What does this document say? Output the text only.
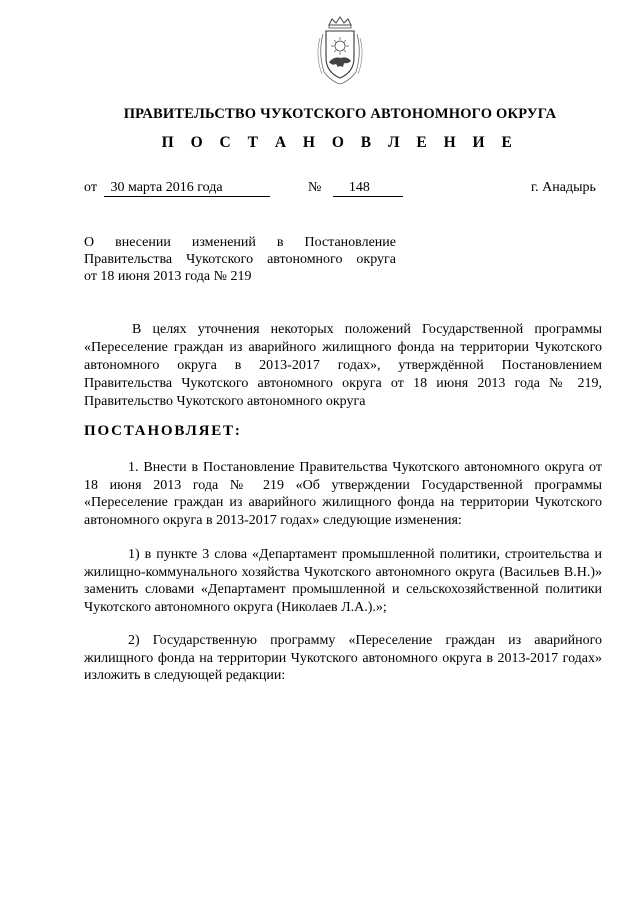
ПРАВИТЕЛЬСТВО ЧУКОТСКОГО АВТОНОМНОГО ОКРУГА
П О С Т А Н О В Л Е Н И Е
от 30 марта 2016 года	№ 148	г. Анадырь
О внесении изменений в Постановление
Правительства Чукотского автономного округа
от 18 июня 2013 года № 219
В целях уточнения некоторых положений Государственной программы «Переселение граждан из аварийного жилищного фонда на территории Чукотского автономного округа в 2013-2017 годах», утверждённой Постановлением Правительства Чукотского автономного округа от 18 июня 2013 года № 219, Правительство Чукотского автономного округа
ПОСТАНОВЛЯЕТ:
1. Внести в Постановление Правительства Чукотского автономного округа от 18 июня 2013 года № 219 «Об утверждении Государственной программы «Переселение граждан из аварийного жилищного фонда на территории Чукотского автономного округа в 2013-2017 годах» следующие изменения:
1) в пункте 3 слова «Департамент промышленной политики, строительства и жилищно-коммунального хозяйства Чукотского автономного округа (Васильев В.Н.)» заменить словами «Департамент промышленной и сельскохозяйственной политики Чукотского автономного округа (Николаев Л.А.).»;
2) Государственную программу «Переселение граждан из аварийного жилищного фонда на территории Чукотского автономного округа в 2013-2017 годах» изложить в следующей редакции:
